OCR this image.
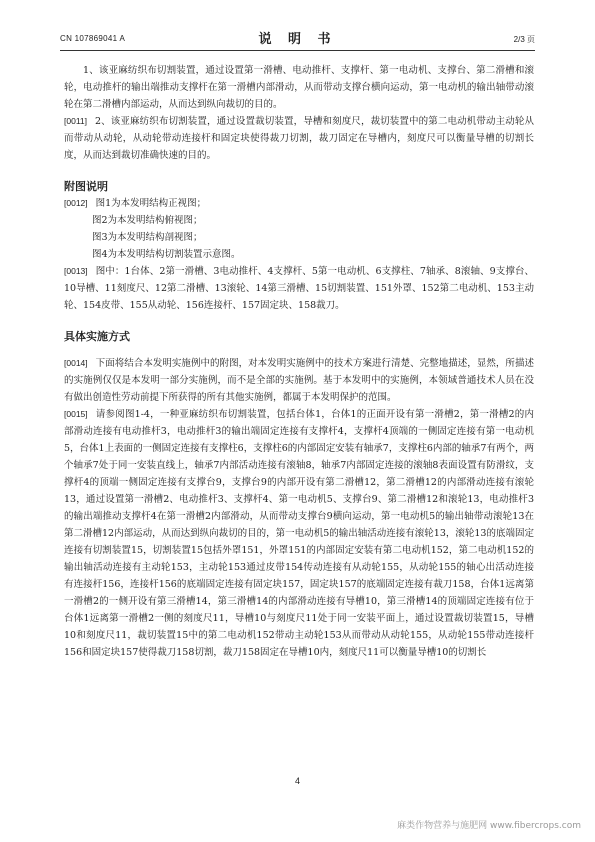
CN 107869041 A	说 明 书	2/3 页

1、该亚麻纺织布切割装置，通过设置第一滑槽、电动推杆、支撑杆、第一电动机、支撑台、第二滑槽和滚轮，电动推杆的输出端推动支撑杆在第一滑槽内部滑动，从而带动支撑台横向运动，第一电动机的输出轴带动滚轮在第二滑槽内部运动，从而达到纵向裁切的目的。

[0011] 2、该亚麻纺织布切割装置，通过设置裁切装置，导槽和刻度尺，裁切装置中的第二电动机带动主动轮从而带动从动轮，从动轮带动连接杆和固定块使得裁刀切割，裁刀固定在导槽内，刻度尺可以衡量导槽的切割长度，从而达到裁切准确快速的目的。

附图说明

[0012] 图1为本发明结构正视图；

图2为本发明结构俯视图；

图3为本发明结构剖视图；

图4为本发明结构切割装置示意图。

[0013] 图中：1台体、2第一滑槽、3电动推杆、4支撑杆、5第一电动机、6支撑柱、7轴承、8滚轴、9支撑台、10导槽、11刻度尺、12第二滑槽、13滚轮、14第三滑槽、15切割装置、151外罩、152第二电动机、153主动轮、154皮带、155从动轮、156连接杆、157固定块、158裁刀。

具体实施方式

[0014] 下面将结合本发明实施例中的附图，对本发明实施例中的技术方案进行清楚、完整地描述，显然，所描述的实施例仅仅是本发明一部分实施例，而不是全部的实施例。基于本发明中的实施例，本领域普通技术人员在没有做出创造性劳动前提下所获得的所有其他实施例，都属于本发明保护的范围。

[0015] 请参阅图1-4，一种亚麻纺织布切割装置，包括台体1，台体1的正面开设有第一滑槽2，第一滑槽2的内部滑动连接有电动推杆3，电动推杆3的输出端固定连接有支撑杆4，支撑杆4顶端的一侧固定连接有第一电动机5，台体1上表面的一侧固定连接有支撑柱6，支撑柱6的内部固定安装有轴承7，支撑柱6内部的轴承7有两个，两个轴承7处于同一安装直线上，轴承7内部活动连接有滚轴8，轴承7内部固定连接的滚轴8表面设置有防滑纹，支撑杆4的顶端一侧固定连接有支撑台9，支撑台9的内部开设有第二滑槽12，第二滑槽12的内部滑动连接有滚轮13，通过设置第一滑槽2、电动推杆3、支撑杆4、第一电动机5、支撑台9、第二滑槽12和滚轮13，电动推杆3的输出端推动支撑杆4在第一滑槽2内部滑动，从而带动支撑台9横向运动，第一电动机5的输出轴带动滚轮13在第二滑槽12内部运动，从而达到纵向裁切的目的，第一电动机5的输出轴活动连接有滚轮13，滚轮13的底端固定连接有切割装置15，切割装置15包括外罩151，外罩151的内部固定安装有第二电动机152，第二电动机152的输出轴活动连接有主动轮153，主动轮153通过皮带154传动连接有从动轮155，从动轮155的轴心出活动连接有连接杆156，连接杆156的底端固定连接有固定块157，固定块157的底端固定连接有裁刀158，台体1远离第一滑槽2的一侧开设有第三滑槽14，第三滑槽14的内部滑动连接有导槽10，第三滑槽14的顶端固定连接有位于台体1远离第一滑槽2一侧的刻度尺11，导槽10与刻度尺11处于同一安装平面上，通过设置裁切装置15，导槽10和刻度尺11，裁切装置15中的第二电动机152带动主动轮153从而带动从动轮155，从动轮155带动连接杆156和固定块157使得裁刀158切割，裁刀158固定在导槽10内，刻度尺11可以衡量导槽10的切割长

4
麻类作物营养与施肥网 www.fibercrops.com
